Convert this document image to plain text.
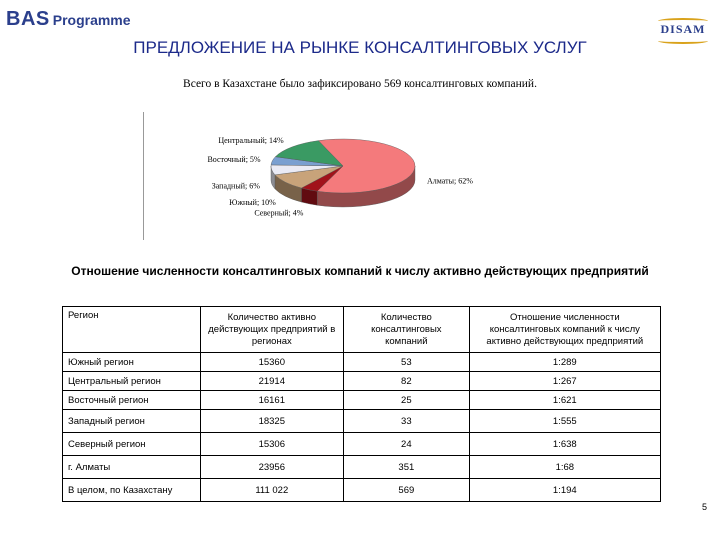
BAS Programme
DISAM
ПРЕДЛОЖЕНИЕ НА РЫНКЕ КОНСАЛТИНГОВЫХ УСЛУГ
Всего в Казахстане было зафиксировано 569 консалтинговых компаний.
Алматы; 62%
Северный; 4%
Южный; 10%
Западный; 6%
Восточный; 5%
Центральный; 14%
Отношение численности консалтинговых компаний к числу активно действующих предприятий
Регион	Количество активно действующих предприятий в регионах	Количество консалтинговых компаний	Отношение численности консалтинговых компаний к числу активно действующих предприятий
Южный регион	15360	53	1:289
Центральный регион	21914	82	1:267
Восточный регион	16161	25	1:621
Западный регион	18325	33	1:555
Северный регион	15306	24	1:638
г. Алматы	23956	351	1:68
В целом, по Казахстану	111 022	569	1:194
5
